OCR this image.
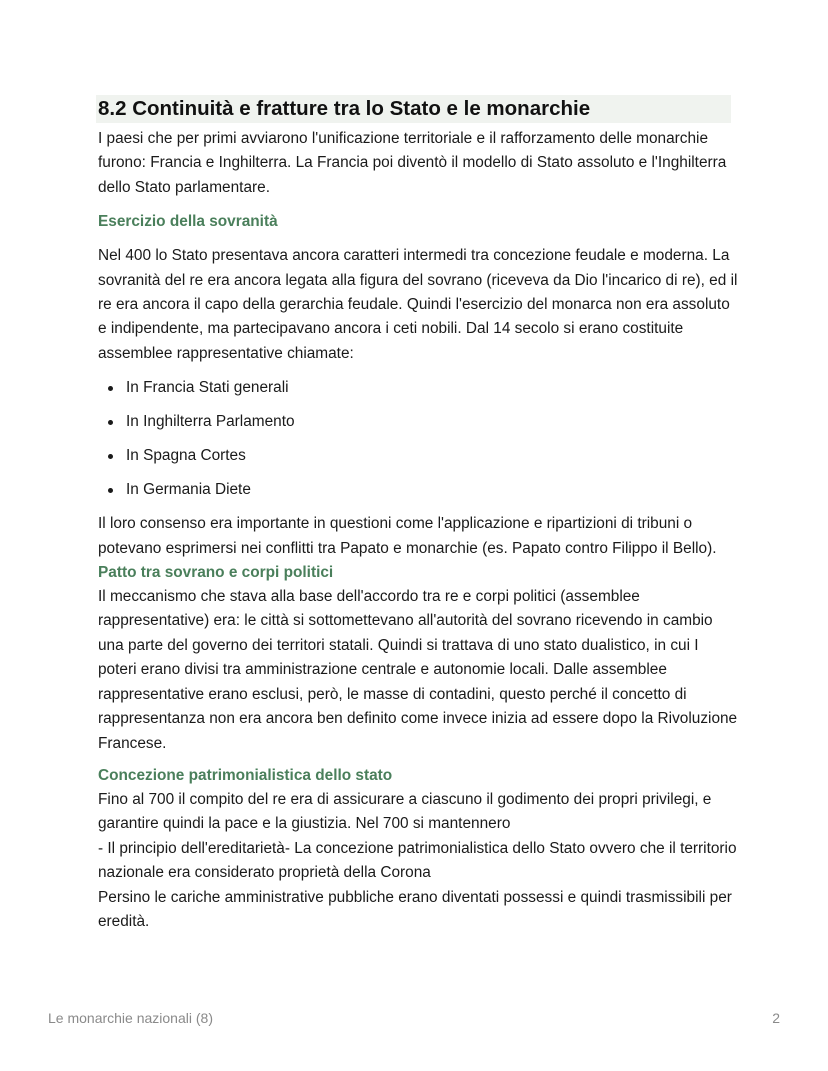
8.2 Continuità e fratture tra lo Stato e le monarchie

I paesi che per primi avviarono l'unificazione territoriale e il rafforzamento delle monarchie furono: Francia e Inghilterra. La Francia poi diventò il modello di Stato assoluto e l'Inghilterra dello Stato parlamentare.

Esercizio della sovranità

Nel 400 lo Stato presentava ancora caratteri intermedi tra concezione feudale e moderna. La sovranità del re era ancora legata alla figura del sovrano (riceveva da Dio l'incarico di re), ed il re era ancora il capo della gerarchia feudale. Quindi l'esercizio del monarca non era assoluto e indipendente, ma partecipavano ancora i ceti nobili. Dal 14 secolo si erano costituite assemblee rappresentative chiamate:

In Francia Stati generali
In Inghilterra Parlamento
In Spagna Cortes
In Germania Diete

Il loro consenso era importante in questioni come l'applicazione e ripartizioni di tribuni o potevano esprimersi nei conflitti tra Papato e monarchie (es. Papato contro Filippo il Bello).

Patto tra sovrano e corpi politici

Il meccanismo che stava alla base dell'accordo tra re e corpi politici (assemblee rappresentative) era: le città si sottomettevano all'autorità del sovrano ricevendo in cambio una parte del governo dei territori statali. Quindi si trattava di uno stato dualistico, in cui I poteri erano divisi tra amministrazione centrale e autonomie locali. Dalle assemblee rappresentative erano esclusi, però, le masse di contadini, questo perché il concetto di rappresentanza non era ancora ben definito come invece inizia ad essere dopo la Rivoluzione Francese.

Concezione patrimonialistica dello stato

Fino al 700 il compito del re era di assicurare a ciascuno il godimento dei propri privilegi, e garantire quindi la pace e la giustizia. Nel 700 si mantennero

- Il principio dell'ereditarietà- La concezione patrimonialistica dello Stato ovvero che il territorio nazionale era considerato proprietà della Corona

Persino le cariche amministrative pubbliche erano diventati possessi e quindi trasmissibili per eredità.

Le monarchie nazionali (8)	2
